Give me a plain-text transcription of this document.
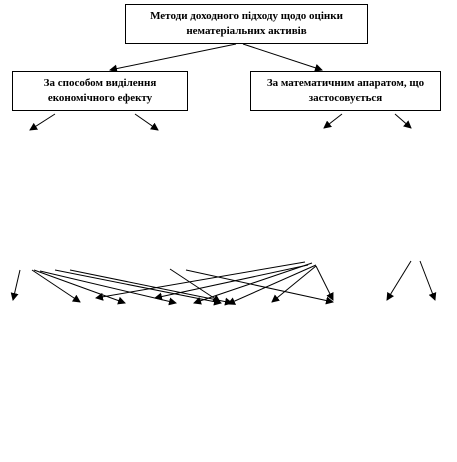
Методи доходного підходу щодо оцінки нематеріальних активів
За способом виділення економічного ефекту
За математичним апаратом, що застосовується
